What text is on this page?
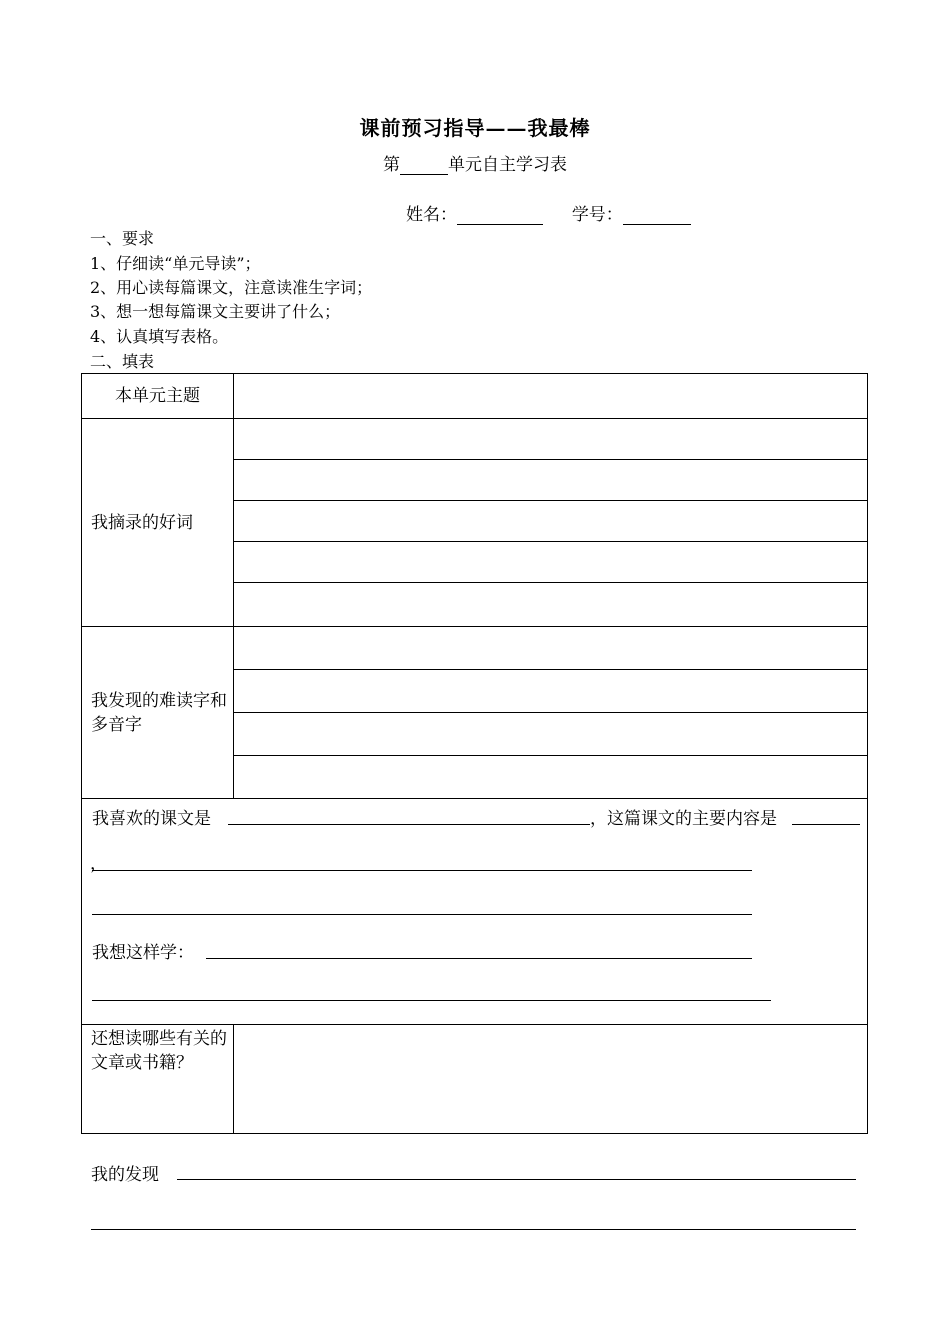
课前预习指导——我最棒
第	单元自主学习表
姓名：	学号：
一、要求
1、仔细读“单元导读”；
2、用心读每篇课文，注意读准生字词；
3、想一想每篇课文主要讲了什么；
4、认真填写表格。
二、填表
本单元主题	
我摘录的好词	

我发现的难读字和多音字	

我喜欢的课文是 ，这篇课文的主要内容是
，
我想这样学：	

还想读哪些有关的文章或书籍？	
我的发现
